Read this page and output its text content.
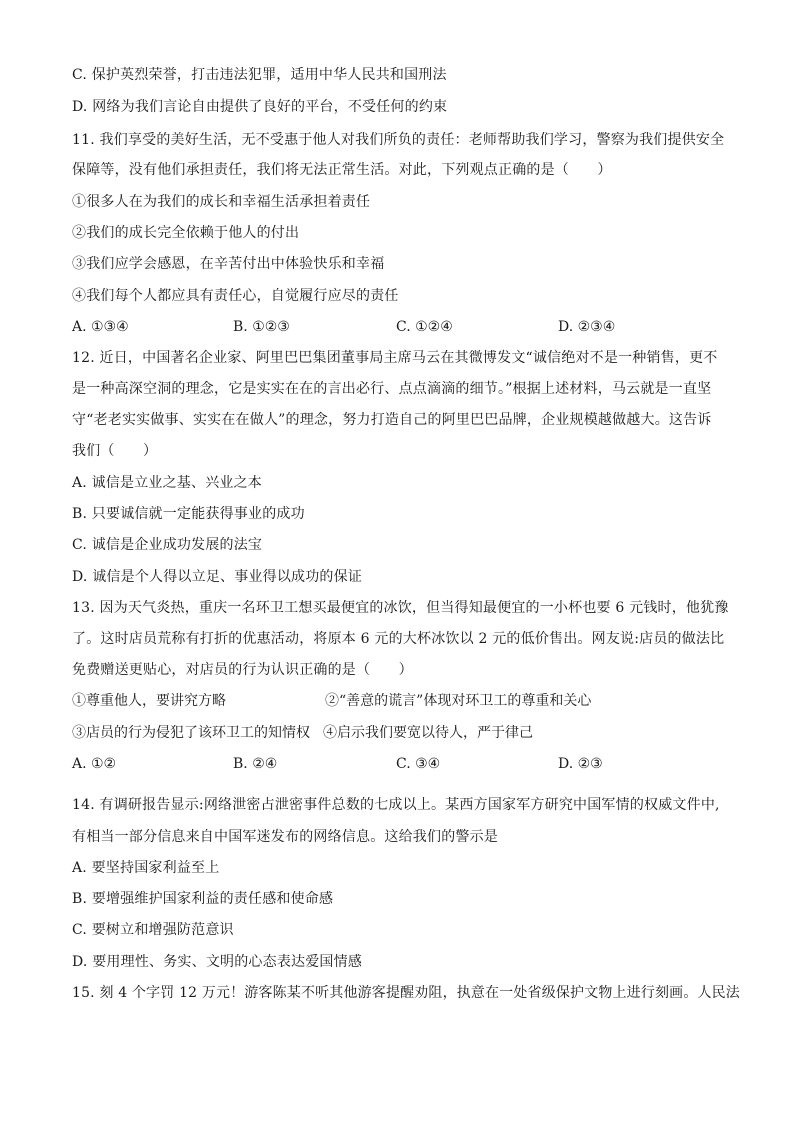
C. 保护英烈荣誉，打击违法犯罪，适用中华人民共和国刑法
D. 网络为我们言论自由提供了良好的平台，不受任何的约束
11. 我们享受的美好生活，无不受惠于他人对我们所负的责任：老师帮助我们学习，警察为我们提供安全
保障等，没有他们承担责任，我们将无法正常生活。对此，下列观点正确的是（　　）
①很多人在为我们的成长和幸福生活承担着责任
②我们的成长完全依赖于他人的付出
③我们应学会感恩，在辛苦付出中体验快乐和幸福
④我们每个人都应具有责任心，自觉履行应尽的责任
A. ①③④	B. ①②③	C. ①②④	D. ②③④
12. 近日，中国著名企业家、阿里巴巴集团董事局主席马云在其微博发文“诚信绝对不是一种销售，更不
是一种高深空洞的理念，它是实实在在的言出必行、点点滴滴的细节。”根据上述材料，马云就是一直坚
守“老老实实做事、实实在在做人”的理念，努力打造自己的阿里巴巴品牌，企业规模越做越大。这告诉
我们（　　）
A. 诚信是立业之基、兴业之本
B. 只要诚信就一定能获得事业的成功
C. 诚信是企业成功发展的法宝
D. 诚信是个人得以立足、事业得以成功的保证
13. 因为天气炎热，重庆一名环卫工想买最便宜的冰饮，但当得知最便宜的一小杯也要 6 元钱时，他犹豫
了。这时店员荒称有打折的优惠活动，将原本 6 元的大杯冰饮以 2 元的低价售出。网友说:店员的做法比
免费赠送更贴心，对店员的行为认识正确的是（　　）
①尊重他人，要讲究方略	②“善意的谎言”体现对环卫工的尊重和关心
③店员的行为侵犯了该环卫工的知情权 ④启示我们要宽以待人，严于律己
A. ①②	B. ②④	C. ③④	D. ②③
14. 有调研报告显示:网络泄密占泄密事件总数的七成以上。某西方国家军方研究中国军情的权威文件中,
有相当一部分信息来自中国军迷发布的网络信息。这给我们的警示是
A. 要坚持国家利益至上
B. 要增强维护国家利益的责任感和使命感
C. 要树立和增强防范意识
D. 要用理性、务实、文明的心态表达爱国情感
15. 刻 4 个字罚 12 万元！游客陈某不听其他游客提醒劝阻，执意在一处省级保护文物上进行刻画。人民法
